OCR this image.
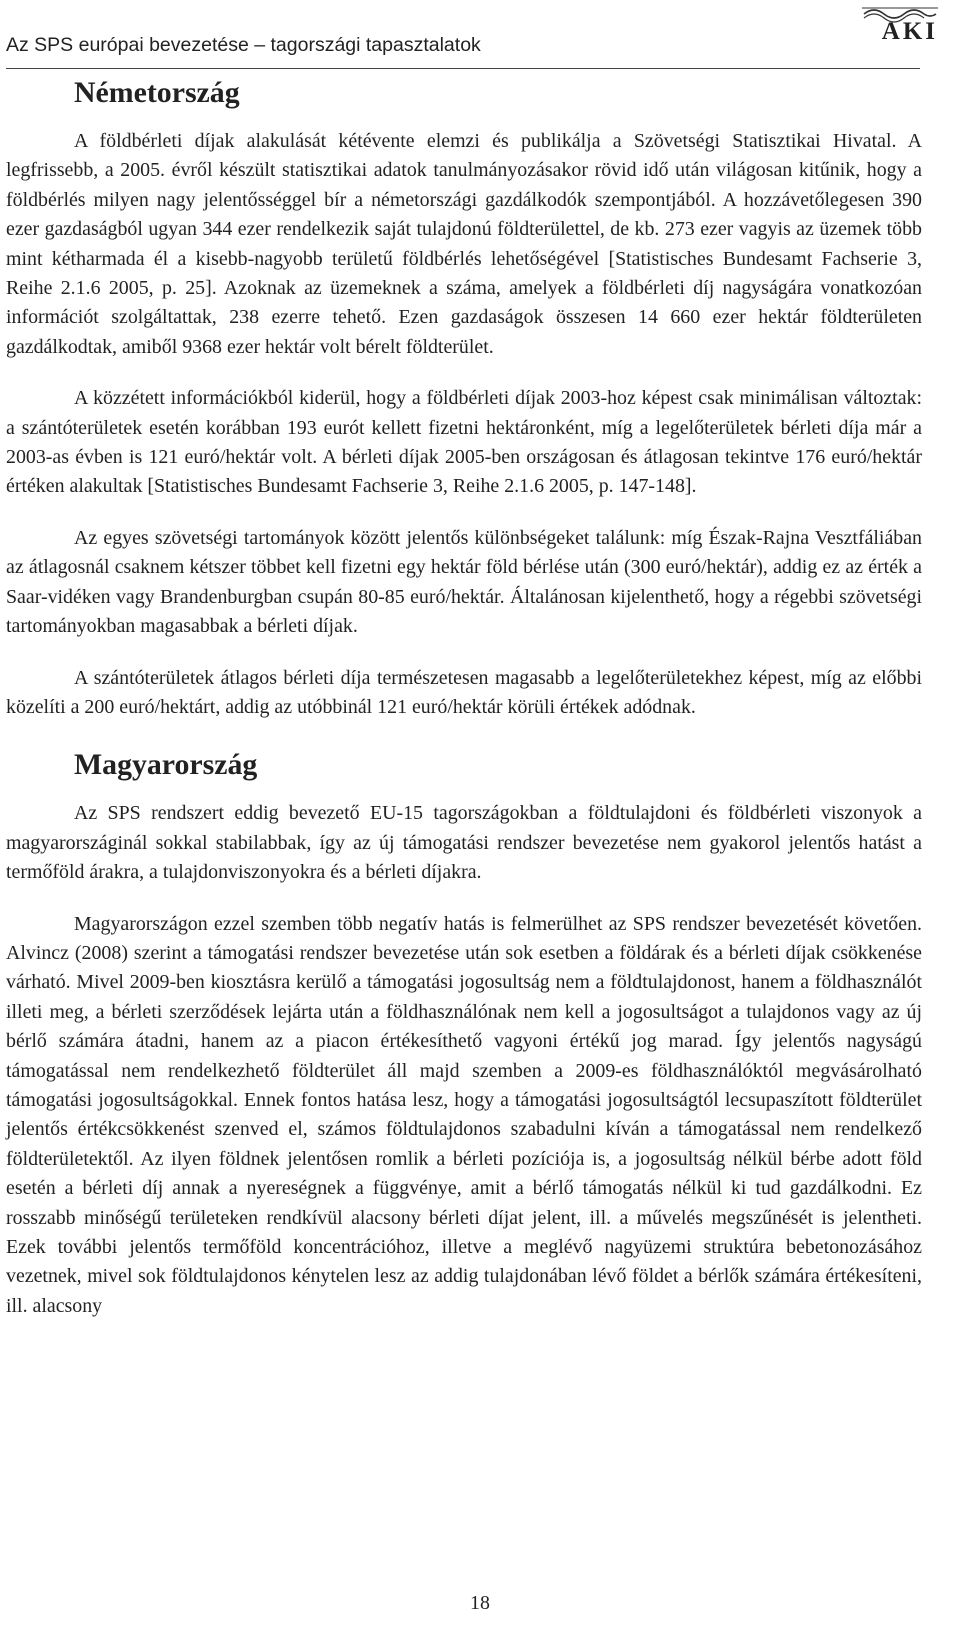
Az SPS európai bevezetése – tagországi tapasztalatok	AKI
Németország

A földbérleti díjak alakulását kétévente elemzi és publikálja a Szövetségi Statisztikai Hivatal. A legfrissebb, a 2005. évről készült statisztikai adatok tanulmányozásakor rövid idő után világosan kitűnik, hogy a földbérlés milyen nagy jelentősséggel bír a németországi gazdálkodók szempontjából. A hozzávetőlegesen 390 ezer gazdaságból ugyan 344 ezer rendelkezik saját tulajdonú földterülettel, de kb. 273 ezer vagyis az üzemek több mint kétharmada él a kisebb-nagyobb területű földbérlés lehetőségével [Statistisches Bundesamt Fachserie 3, Reihe 2.1.6 2005, p. 25]. Azoknak az üzemeknek a száma, amelyek a földbérleti díj nagyságára vonatkozóan információt szolgáltattak, 238 ezerre tehető. Ezen gazdaságok összesen 14 660 ezer hektár földterületen gazdálkodtak, amiből 9368 ezer hektár volt bérelt földterület.

A közzétett információkból kiderül, hogy a földbérleti díjak 2003-hoz képest csak minimálisan változtak: a szántóterületek esetén korábban 193 eurót kellett fizetni hektáronként, míg a legelőterületek bérleti díja már a 2003-as évben is 121 euró/hektár volt. A bérleti díjak 2005-ben országosan és átlagosan tekintve 176 euró/hektár értéken alakultak [Statistisches Bundesamt Fachserie 3, Reihe 2.1.6 2005, p. 147-148].

Az egyes szövetségi tartományok között jelentős különbségeket találunk: míg Észak-Rajna Vesztfáliában az átlagosnál csaknem kétszer többet kell fizetni egy hektár föld bérlése után (300 euró/hektár), addig ez az érték a Saar-vidéken vagy Brandenburgban csupán 80-85 euró/hektár. Általánosan kijelenthető, hogy a régebbi szövetségi tartományokban magasabbak a bérleti díjak.

A szántóterületek átlagos bérleti díja természetesen magasabb a legelőterületekhez képest, míg az előbbi közelíti a 200 euró/hektárt, addig az utóbbinál 121 euró/hektár körüli értékek adódnak.

Magyarország

Az SPS rendszert eddig bevezető EU-15 tagországokban a földtulajdoni és földbérleti viszonyok a magyarországinál sokkal stabilabbak, így az új támogatási rendszer bevezetése nem gyakorol jelentős hatást a termőföld árakra, a tulajdonviszonyokra és a bérleti díjakra.

Magyarországon ezzel szemben több negatív hatás is felmerülhet az SPS rendszer bevezetését követően. Alvincz (2008) szerint a támogatási rendszer bevezetése után sok esetben a földárak és a bérleti díjak csökkenése várható. Mivel 2009-ben kiosztásra kerülő a támogatási jogosultság nem a földtulajdonost, hanem a földhasználót illeti meg, a bérleti szerződések lejárta után a földhasználónak nem kell a jogosultságot a tulajdonos vagy az új bérlő számára átadni, hanem az a piacon értékesíthető vagyoni értékű jog marad. Így jelentős nagyságú támogatással nem rendelkezhető földterület áll majd szemben a 2009-es földhasználóktól megvásárolható támogatási jogosultságokkal. Ennek fontos hatása lesz, hogy a támogatási jogosultságtól lecsupaszított földterület jelentős értékcsökkenést szenved el, számos földtulajdonos szabadulni kíván a támogatással nem rendelkező földterületektől. Az ilyen földnek jelentősen romlik a bérleti pozíciója is, a jogosultság nélkül bérbe adott föld esetén a bérleti díj annak a nyereségnek a függvénye, amit a bérlő támogatás nélkül ki tud gazdálkodni. Ez rosszabb minőségű területeken rendkívül alacsony bérleti díjat jelent, ill. a művelés megszűnését is jelentheti. Ezek további jelentős termőföld koncentrációhoz, illetve a meglévő nagyüzemi struktúra bebetonozásához vezetnek, mivel sok földtulajdonos kénytelen lesz az addig tulajdonában lévő földet a bérlők számára értékesíteni, ill. alacsony

18
